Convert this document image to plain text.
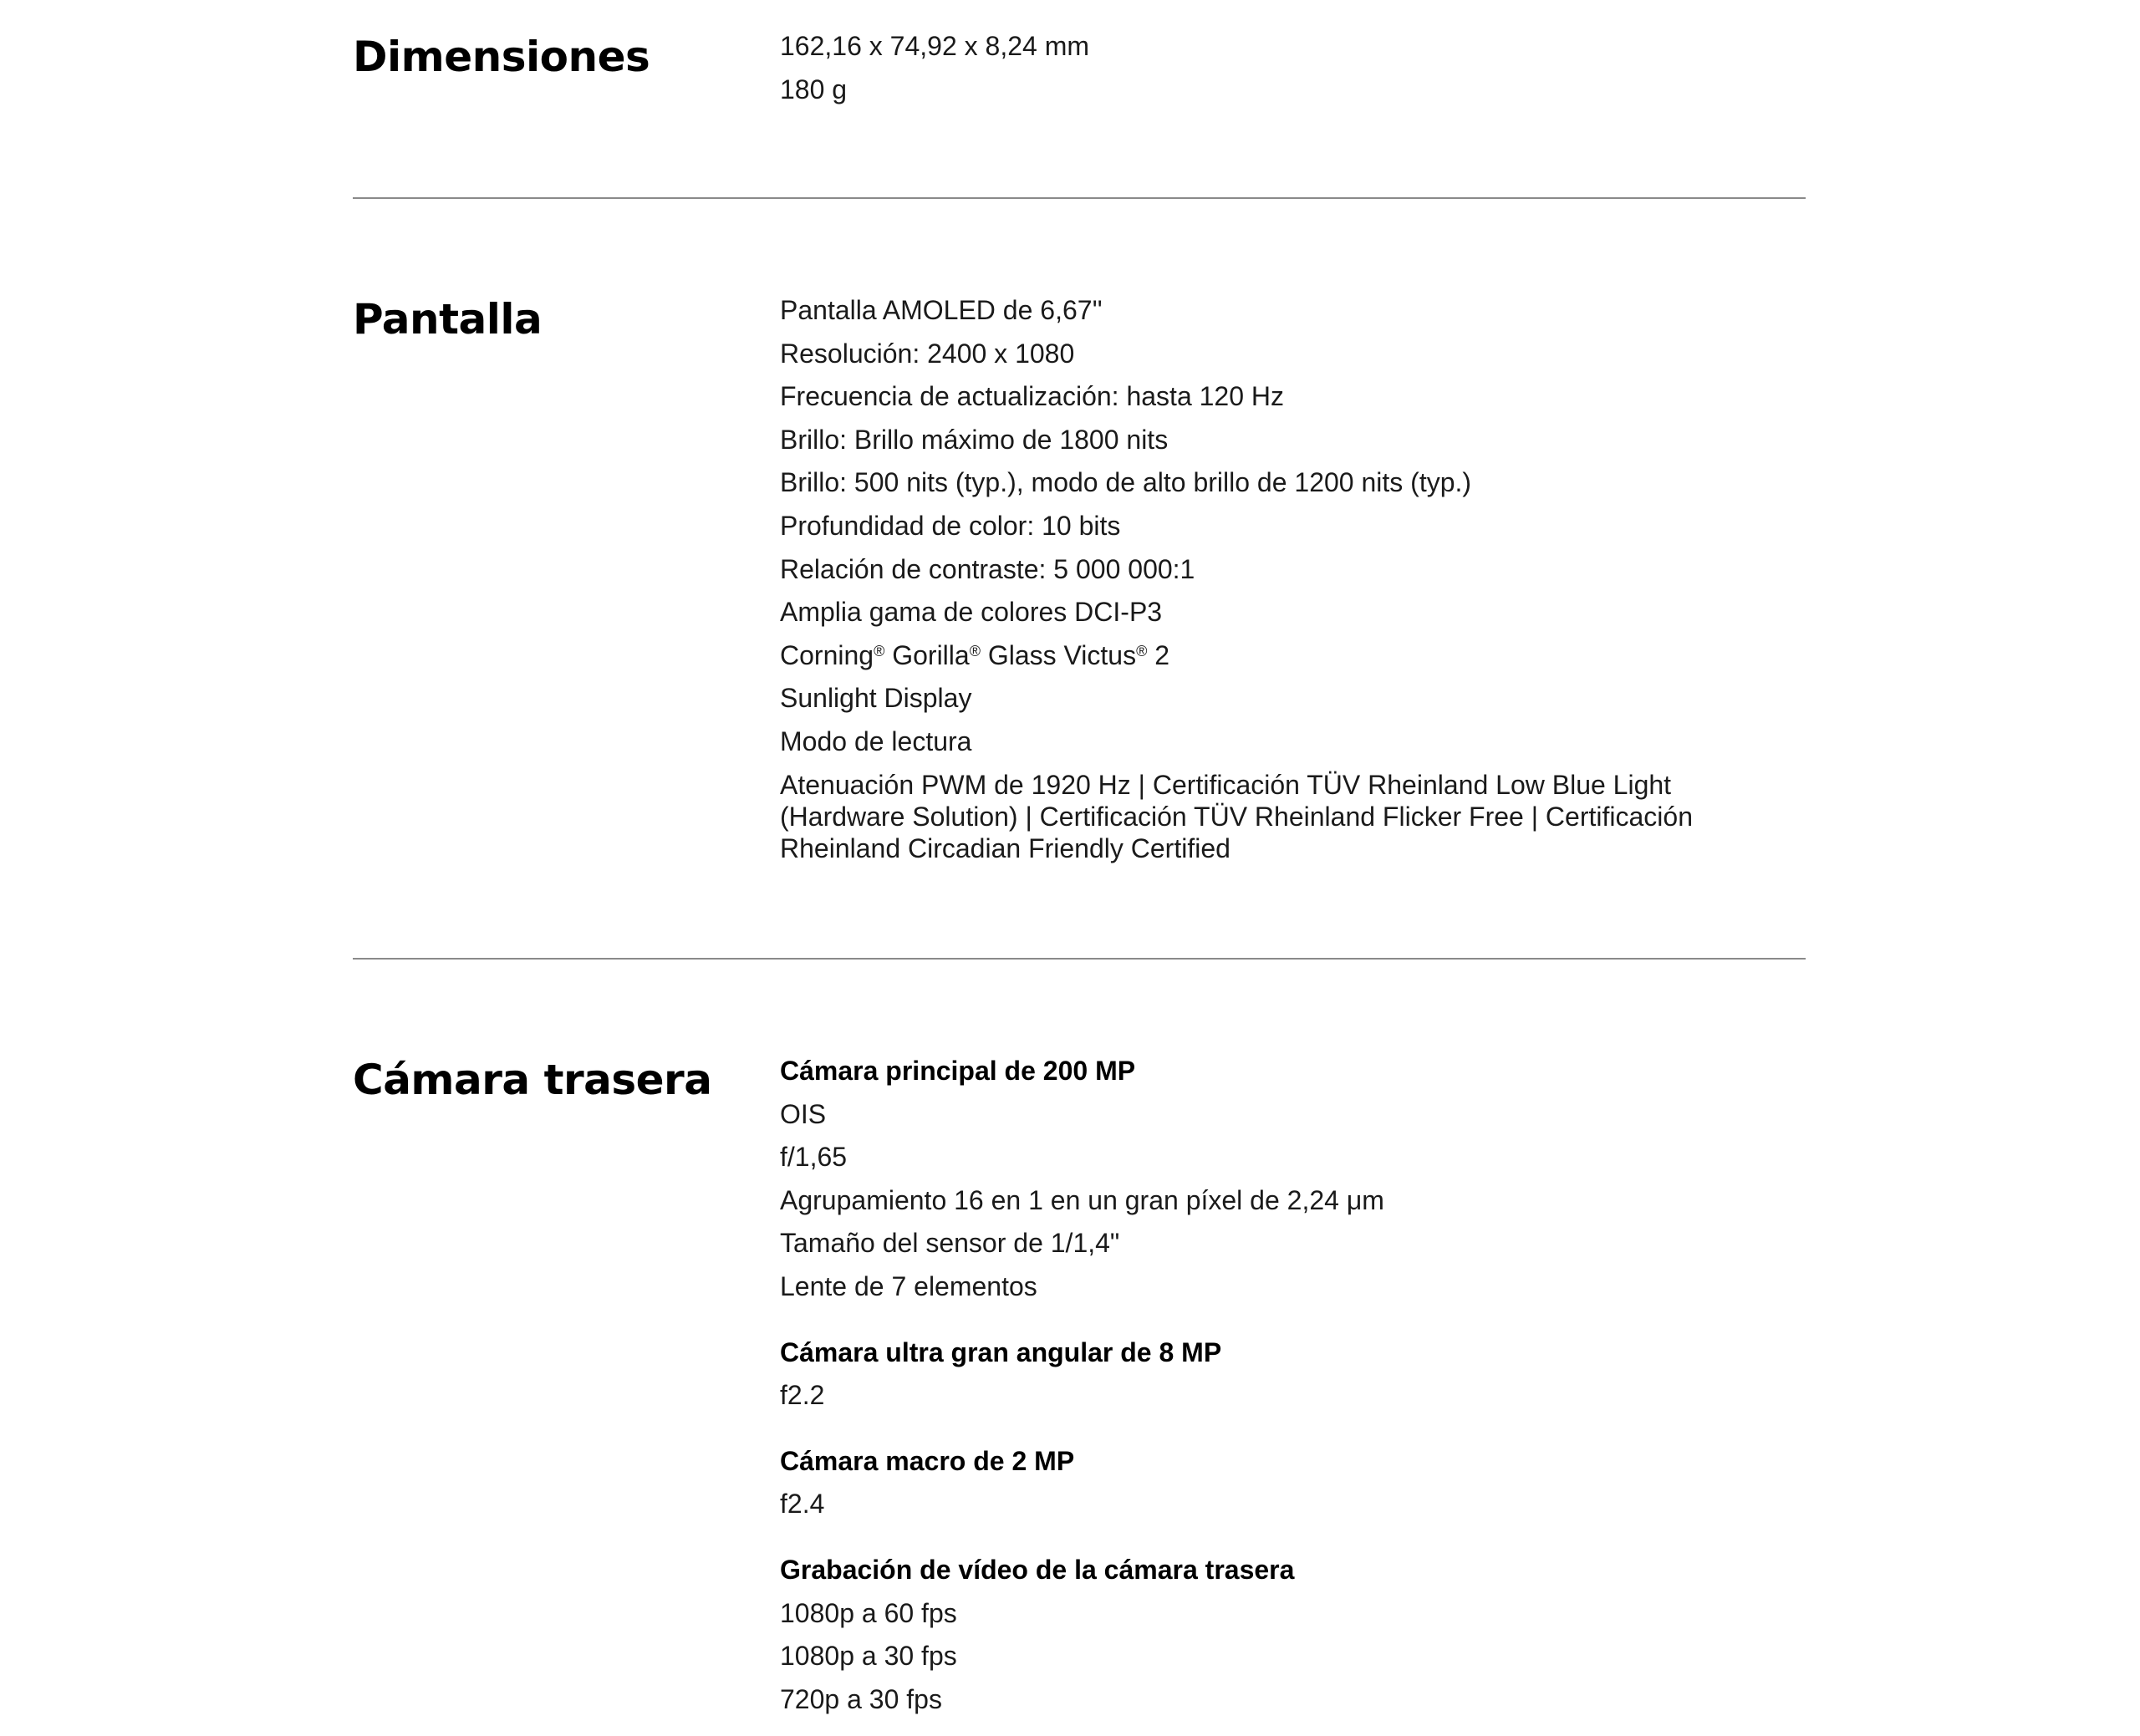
Dimensiones	162,16 x 74,92 x 8,24 mm
180 g
Pantalla	Pantalla AMOLED de 6,67''
Resolución: 2400 x 1080
Frecuencia de actualización: hasta 120 Hz
Brillo: Brillo máximo de 1800 nits
Brillo: 500 nits (typ.), modo de alto brillo de 1200 nits (typ.)
Profundidad de color: 10 bits
Relación de contraste: 5 000 000:1
Amplia gama de colores DCI-P3
Corning® Gorilla® Glass Victus® 2
Sunlight Display
Modo de lectura
Atenuación PWM de 1920 Hz | Certificación TÜV Rheinland Low Blue Light (Hardware Solution) | Certificación TÜV Rheinland Flicker Free | Certificación Rheinland Circadian Friendly Certified
Cámara trasera	Cámara principal de 200 MP
OIS
f/1,65
Agrupamiento 16 en 1 en un gran píxel de 2,24 μm
Tamaño del sensor de 1/1,4"
Lente de 7 elementos
Cámara ultra gran angular de 8 MP
f2.2
Cámara macro de 2 MP
f2.4
Grabación de vídeo de la cámara trasera
1080p a 60 fps
1080p a 30 fps
720p a 30 fps
